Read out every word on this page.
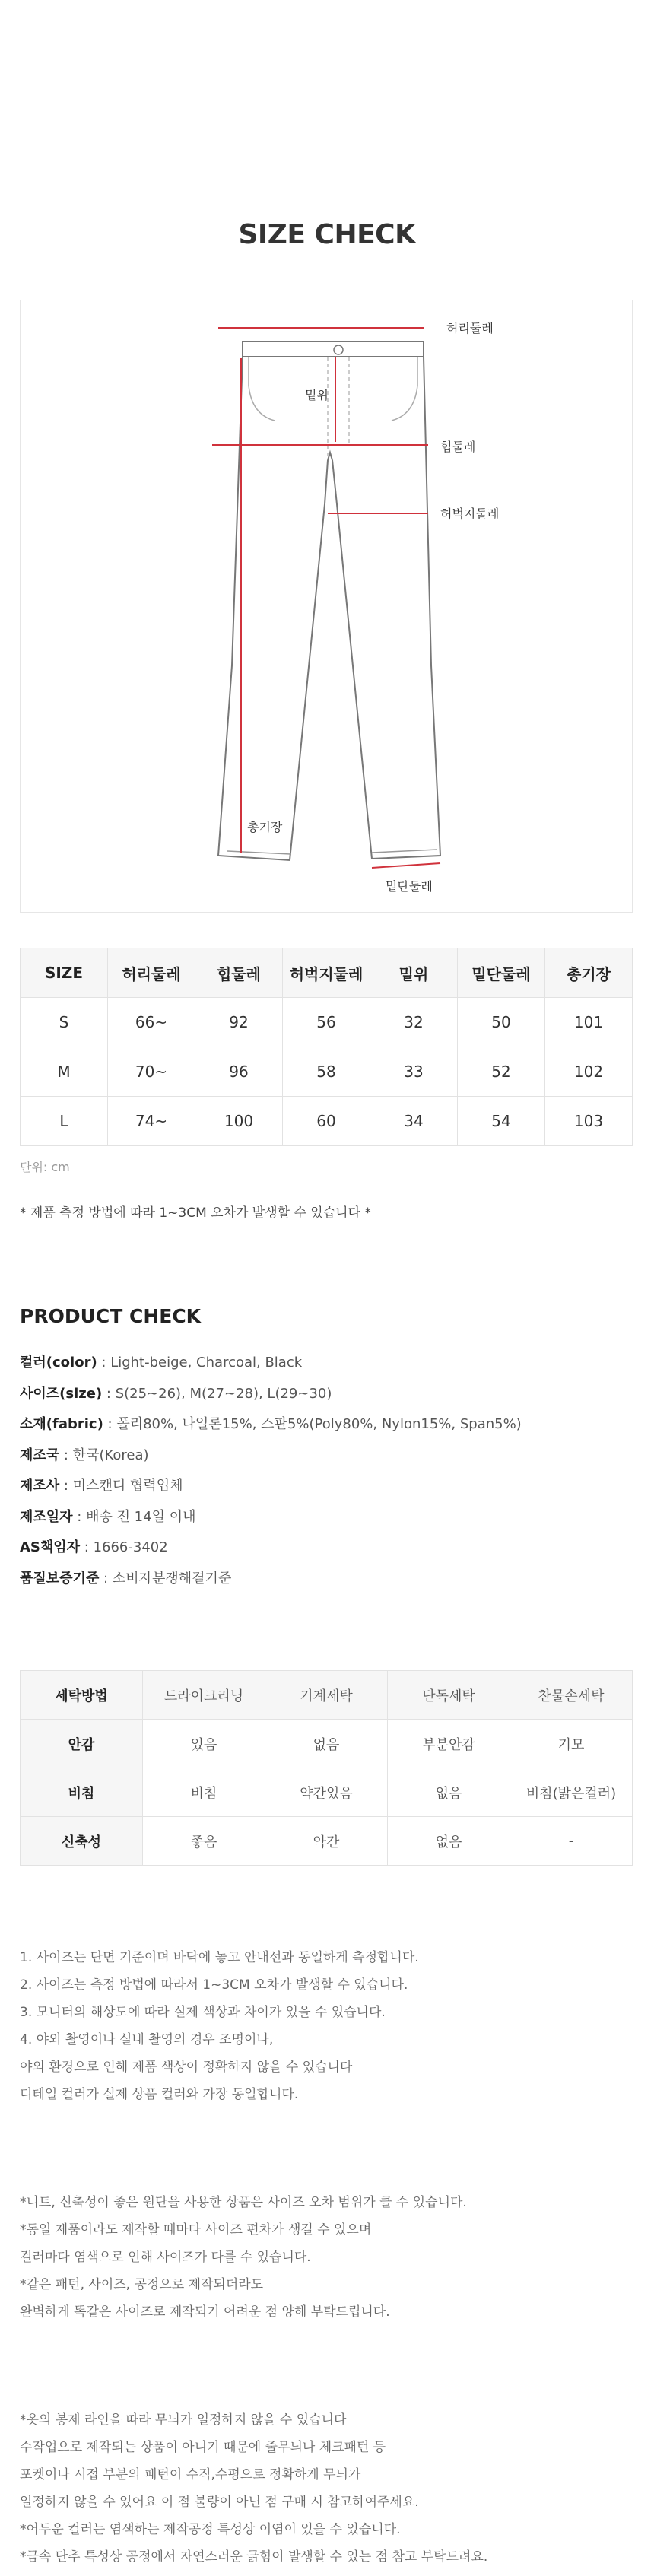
SIZE CHECK
허리둘레
밑위
힙둘레
허벅지둘레
총기장
밑단둘레
SIZE	허리둘레	힙둘레	허벅지둘레	밑위	밑단둘레	총기장
S	66~	92	56	32	50	101
M	70~	96	58	33	52	102
L	74~	100	60	34	54	103
단위: cm
* 제품 측정 방법에 따라 1~3CM 오차가 발생할 수 있습니다 *
PRODUCT CHECK
컬러(color) : Light-beige, Charcoal, Black
사이즈(size) : S(25~26), M(27~28), L(29~30)
소재(fabric) : 폴리80%, 나일론15%, 스판5%(Poly80%, Nylon15%, Span5%)
제조국 : 한국(Korea)
제조사 : 미스캔디 협력업체
제조일자 : 배송 전 14일 이내
AS책임자 : 1666-3402
품질보증기준 : 소비자분쟁해결기준
세탁방법	드라이크리닝	기계세탁	단독세탁	찬물손세탁
안감	있음	없음	부분안감	기모
비침	비침	약간있음	없음	비침(밝은컬러)
신축성	좋음	약간	없음	-
1. 사이즈는 단면 기준이며 바닥에 놓고 안내선과 동일하게 측정합니다.
2. 사이즈는 측정 방법에 따라서 1~3CM 오차가 발생할 수 있습니다.
3. 모니터의 해상도에 따라 실제 색상과 차이가 있을 수 있습니다.
4. 야외 촬영이나 실내 촬영의 경우 조명이나,
야외 환경으로 인해 제품 색상이 정확하지 않을 수 있습니다
디테일 컬러가 실제 상품 컬러와 가장 동일합니다.
*니트, 신축성이 좋은 원단을 사용한 상품은 사이즈 오차 범위가 클 수 있습니다.
*동일 제품이라도 제작할 때마다 사이즈 편차가 생길 수 있으며
컬러마다 염색으로 인해 사이즈가 다를 수 있습니다.
*같은 패턴, 사이즈, 공정으로 제작되더라도
완벽하게 똑같은 사이즈로 제작되기 어려운 점 양해 부탁드립니다.
*옷의 봉제 라인을 따라 무늬가 일정하지 않을 수 있습니다
수작업으로 제작되는 상품이 아니기 때문에 줄무늬나 체크패턴 등
포켓이나 시접 부분의 패턴이 수직,수평으로 정확하게 무늬가
일정하지 않을 수 있어요 이 점 불량이 아닌 점 구매 시 참고하여주세요.
*어두운 컬러는 염색하는 제작공정 특성상 이염이 있을 수 있습니다.
*금속 단추 특성상 공정에서 자연스러운 긁힘이 발생할 수 있는 점 참고 부탁드려요.
